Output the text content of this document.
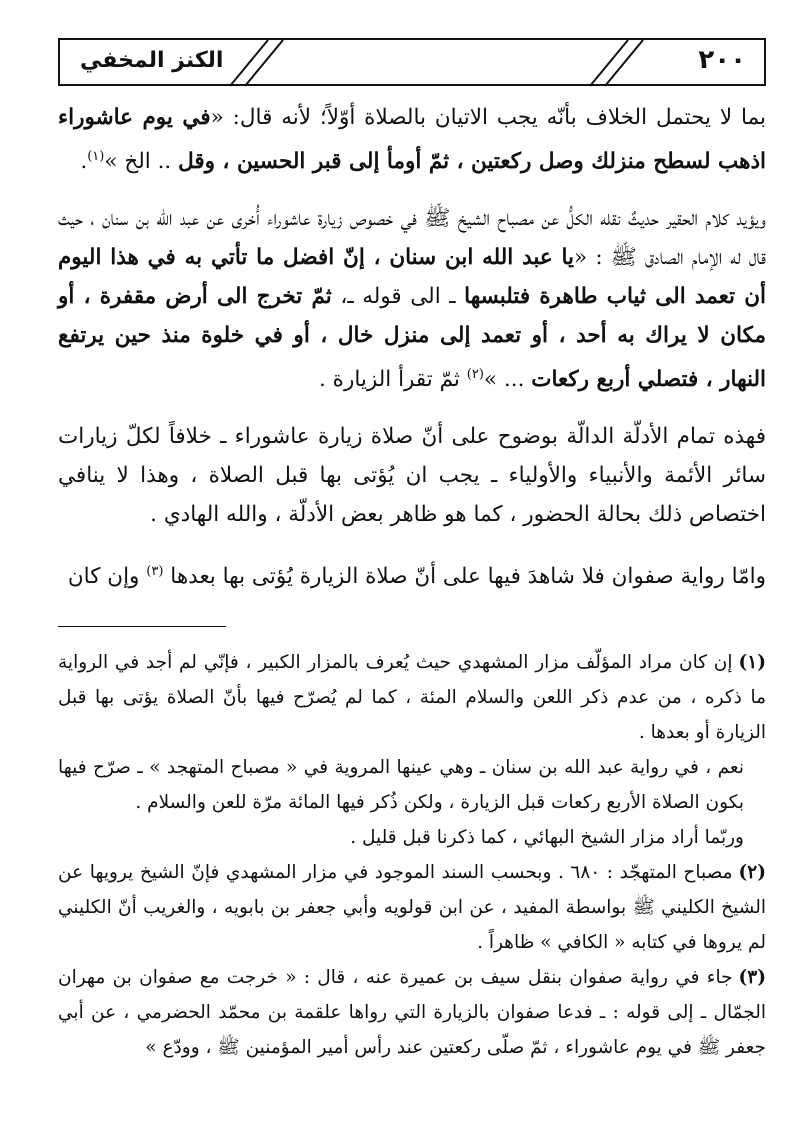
٢٠٠
الكنز المخفي

بما لا يحتمل الخلاف بأنّه يجب الاتيان بالصلاة أوّلاً؛ لأنه قال: «في يوم عاشوراء اذهب لسطح منزلك وصل ركعتين ، ثمّ أومأ إلى قبر الحسين ، وقل .. الخ »$^{(١)}$.

ويؤيد كلام الحقير حديثٌ نقله الكلُّ عن مصباح الشيخ ﷺ في خصوص زيارة عاشوراء أُخرى عن عبد الله بن سنان ، حيث قال له الإمام الصادق ﷺ : «يا عبد الله ابن سنان ، إنّ افضل ما تأتي به في هذا اليوم أن تعمد الى ثياب طاهرة فتلبسها ـ الى قوله ـ، ثمّ تخرج الى أرض مقفرة ، أو مكان لا يراك به أحد ، أو تعمد إلى منزل خال ، أو في خلوة منذ حين يرتفع النهار ، فتصلي أربع ركعات ... »$^{(٢)}$ ثمّ تقرأ الزيارة .

فهذه تمام الأدلّة الدالّة بوضوح على أنّ صلاة زيارة عاشوراء ـ خلافاً لكلّ زيارات سائر الأئمة والأنبياء والأولياء ـ يجب ان يُؤتى بها قبل الصلاة ، وهذا لا ينافي اختصاص ذلك بحالة الحضور ، كما هو ظاهر بعض الأدلّة ، والله الهادي .

وامّا رواية صفوان فلا شاهدَ فيها على أنّ صلاة الزيارة يُؤتى بها بعدها $^{(٣)}$ وإن كان

(١)إن كان مراد المؤلّف مزار المشهدي حيث يُعرف بالمزار الكبير ، فإنّي لم أجد في الرواية ما ذكره ، من عدم ذكر اللعن والسلام المئة ، كما لم يُصرّح فيها بأنّ الصلاة يؤتى بها قبل الزيارة أو بعدها .

نعم ، في رواية عبد الله بن سنان ـ وهي عينها المروية في « مصباح المتهجد » ـ صرّح فيها بكون الصلاة الأربع ركعات قبل الزيارة ، ولكن ذُكر فيها المائة مرّة للعن والسلام .

وربّما أراد مزار الشيخ البهائي ، كما ذكرنا قبل قليل .

(٢)مصباح المتهجّد : ٦٨٠ . وبحسب السند الموجود في مزار المشهدي فإنّ الشيخ يرويها عن الشيخ الكليني ﷺ بواسطة المفيد ، عن ابن قولويه وأبي جعفر بن بابويه ، والغريب أنّ الكليني لم يروها في كتابه « الكافي » ظاهراً .

(٣)جاء في رواية صفوان بنقل سيف بن عميرة عنه ، قال : « خرجت مع صفوان بن مهران الجمّال ـ إلى قوله : ـ فدعا صفوان بالزيارة التي رواها علقمة بن محمّد الحضرمي ، عن أبي جعفر ﷺ في يوم عاشوراء ، ثمّ صلّى ركعتين عند رأس أمير المؤمنين ﷺ ، وودّع »
